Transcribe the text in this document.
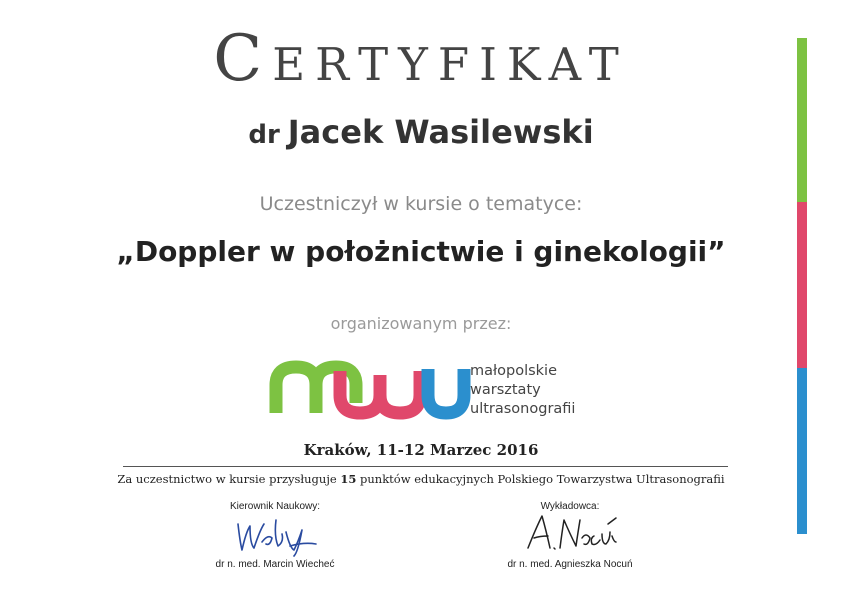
Certyfikat
dr Jacek Wasilewski
Uczestniczył w kursie o tematyce:
„Doppler w położnictwie i ginekologii”
organizowanym przez:
małopolskie
warsztaty
ultrasonografii
Kraków, 11-12 Marzec 2016
Za uczestnictwo w kursie przysługuje 15 punktów edukacyjnych Polskiego Towarzystwa Ultrasonografii
Kierownik Naukowy:
dr n. med. Marcin Wiecheć
Wykładowca:
dr n. med. Agnieszka Nocuń
